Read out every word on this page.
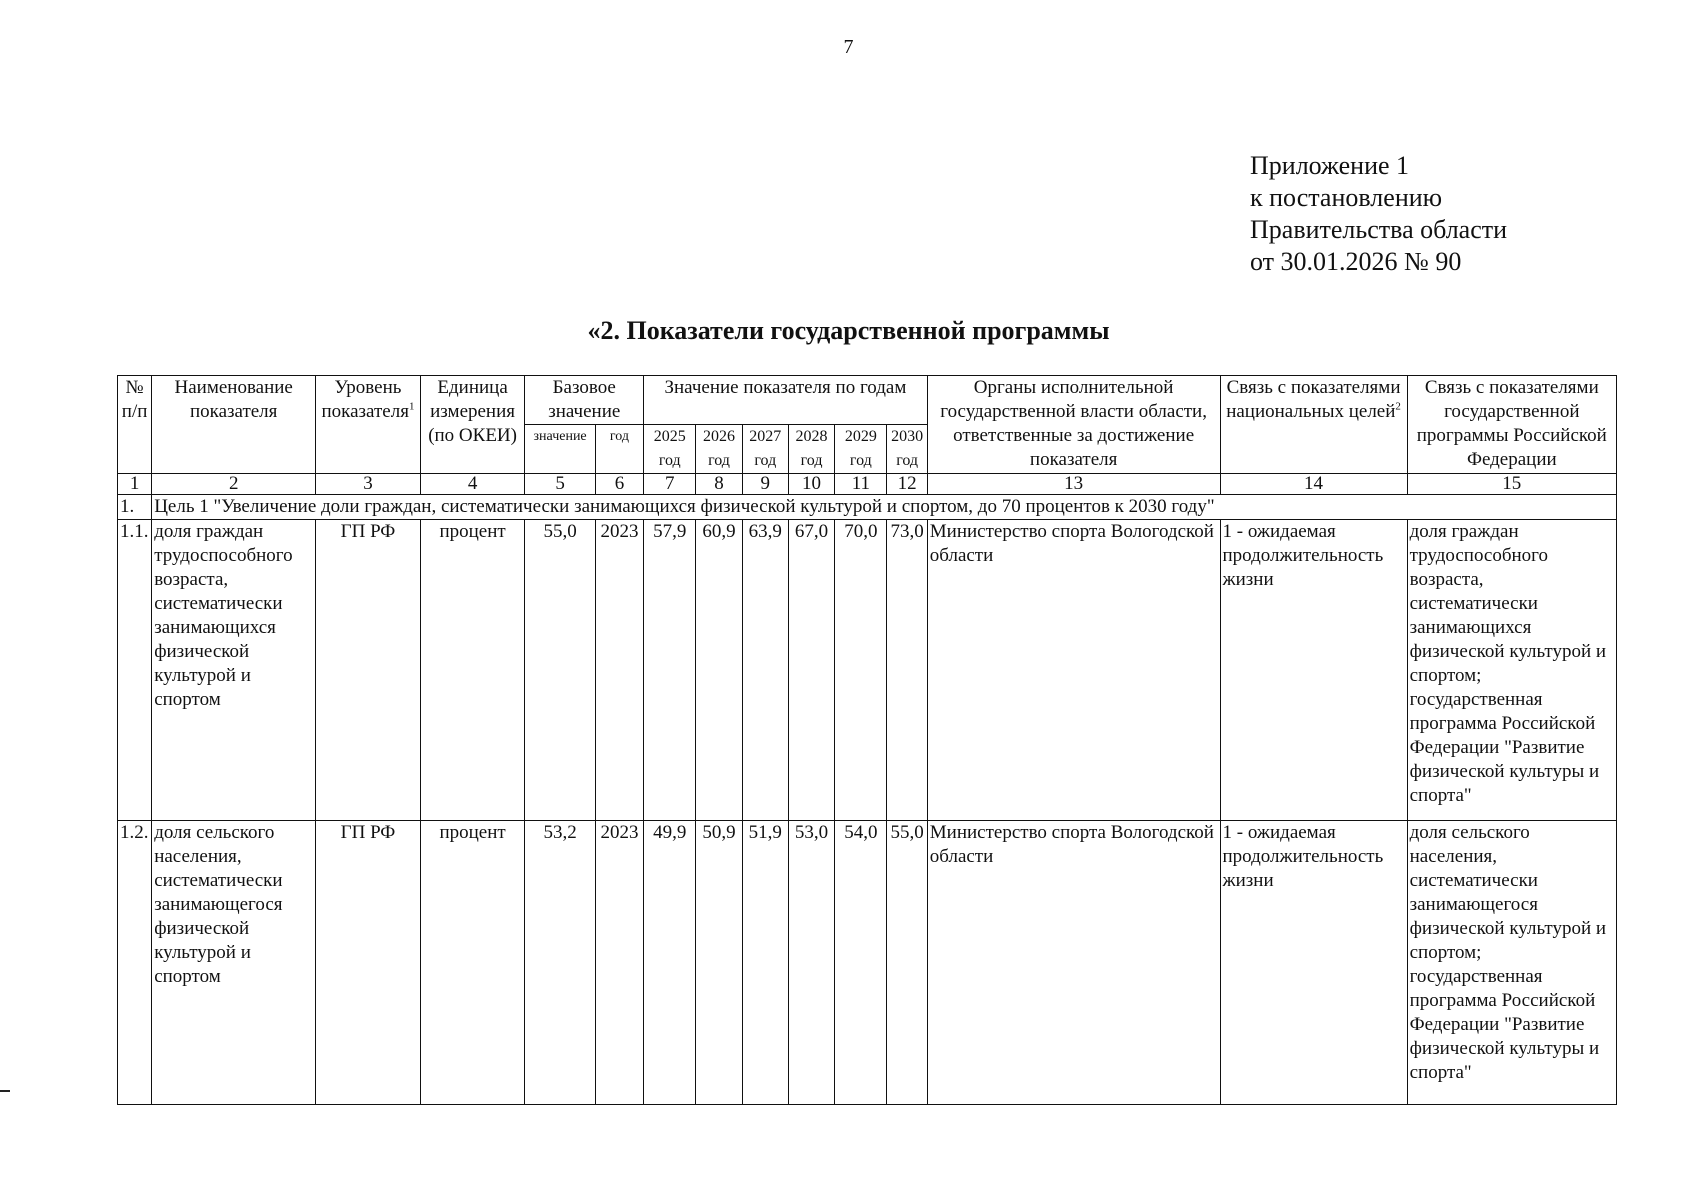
7
Приложение 1
к постановлению
Правительства области
от 30.01.2026 № 90
«2. Показатели государственной программы
№ п/п	Наименование показателя	Уровень показателя$^1$	Единица измерения (по ОКЕИ)	Базовое значение		Значение показателя по годам						Органы исполнительной государственной власти области, ответственные за достижение показателя	Связь с показателями национальных целей$^2$	Связь с показателями государственной программы Российской Федерации
				значение	год	2025 год	2026 год	2027 год	2028 год	2029 год	2030 год			

1	2	3	4	5	6	7	8	9	10	11	12	13	14	15
1.	Цель 1 "Увеличение доли граждан, систематически занимающихся физической культурой и спортом, до 70 процентов к 2030 году"													
1.1.	доля граждан трудоспособного возраста, систематически занимающихся физической культурой и спортом	ГП РФ	процент	55,0	2023	57,9	60,9	63,9	67,0	70,0	73,0	Министерство спорта Вологодской области	1 - ожидаемая продолжительность жизни	доля граждан трудоспособного возраста, систематически занимающихся физической культурой и спортом; государственная программа Российской Федерации "Развитие физической культуры и спорта"
1.2.	доля сельского населения, систематически занимающегося физической культурой и спортом	ГП РФ	процент	53,2	2023	49,9	50,9	51,9	53,0	54,0	55,0	Министерство спорта Вологодской области	1 - ожидаемая продолжительность жизни	доля сельского населения, систематически занимающегося физической культурой и спортом; государственная программа Российской Федерации "Развитие физической культуры и спорта"
